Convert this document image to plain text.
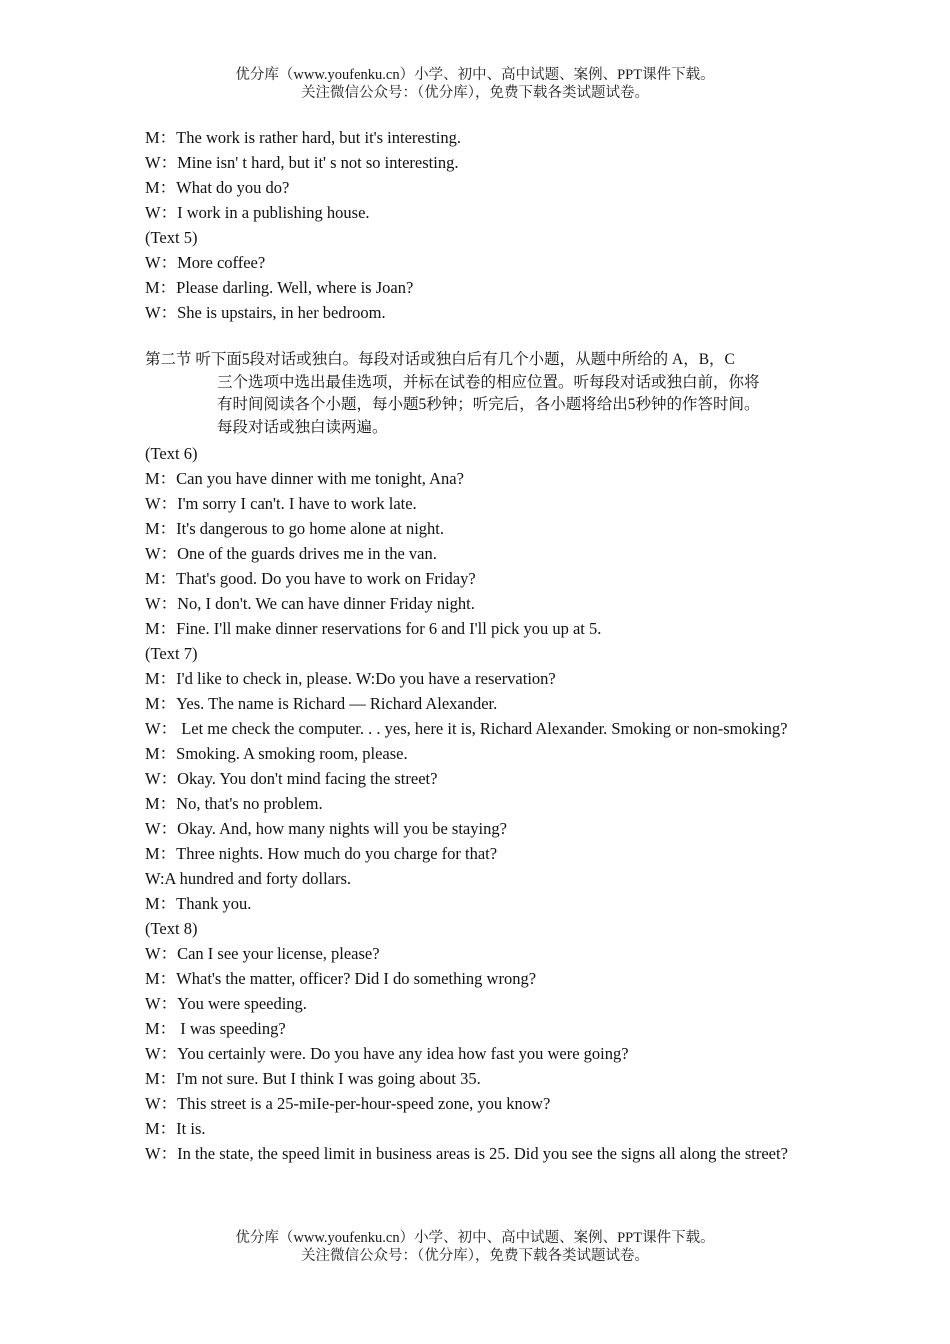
优分库（www.youfenku.cn）小学、初中、高中试题、案例、PPT课件下载。
关注微信公众号：（优分库），免费下载各类试题试卷。
M：The work is rather hard, but it's interesting.
W：Mine isn' t hard, but it' s not so interesting.
M：What do you do?
W：I work in a publishing house.
(Text 5)
W：More coffee?
M：Please darling. Well, where is Joan?
W：She is upstairs, in her bedroom.
第二节 听下面5段对话或独白。每段对话或独白后有几个小题，从题中所给的 A，B，C
三个选项中选出最佳选项，并标在试卷的相应位置。听每段对话或独白前，你将
有时间阅读各个小题，每小题5秒钟；听完后，各小题将给出5秒钟的作答时间。
每段对话或独白读两遍。
(Text 6)
M：Can you have dinner with me tonight, Ana?
W：I'm sorry I can't. I have to work late.
M：It's dangerous to go home alone at night.
W：One of the guards drives me in the van.
M：That's good. Do you have to work on Friday?
W：No, I don't. We can have dinner Friday night.
M：Fine. I'll make dinner reservations for 6 and I'll pick you up at 5.
(Text 7)
M：I'd like to check in, please. W:Do you have a reservation?
M：Yes. The name is Richard — Richard Alexander.

W： Let me check the computer. . . yes, here it is, Richard Alexander. Smoking or non-smoking?

M：Smoking. A smoking room, please.
W：Okay. You don't mind facing the street?
M：No, that's no problem.
W：Okay. And, how many nights will you be staying?
M：Three nights. How much do you charge for that?
W:A hundred and forty dollars.
M：Thank you.
(Text 8)
W：Can I see your license, please?
M：What's the matter, officer? Did I do something wrong?
W：You were speeding.
M： I was speeding?
W：You certainly were. Do you have any idea how fast you were going?
M：I'm not sure. But I think I was going about 35.
W：This street is a 25-miIe-per-hour-speed zone, you know?
M：It is.

W：In the state, the speed limit in business areas is 25. Did you see the signs all along the street?

优分库（www.youfenku.cn）小学、初中、高中试题、案例、PPT课件下载。
关注微信公众号：（优分库），免费下载各类试题试卷。
